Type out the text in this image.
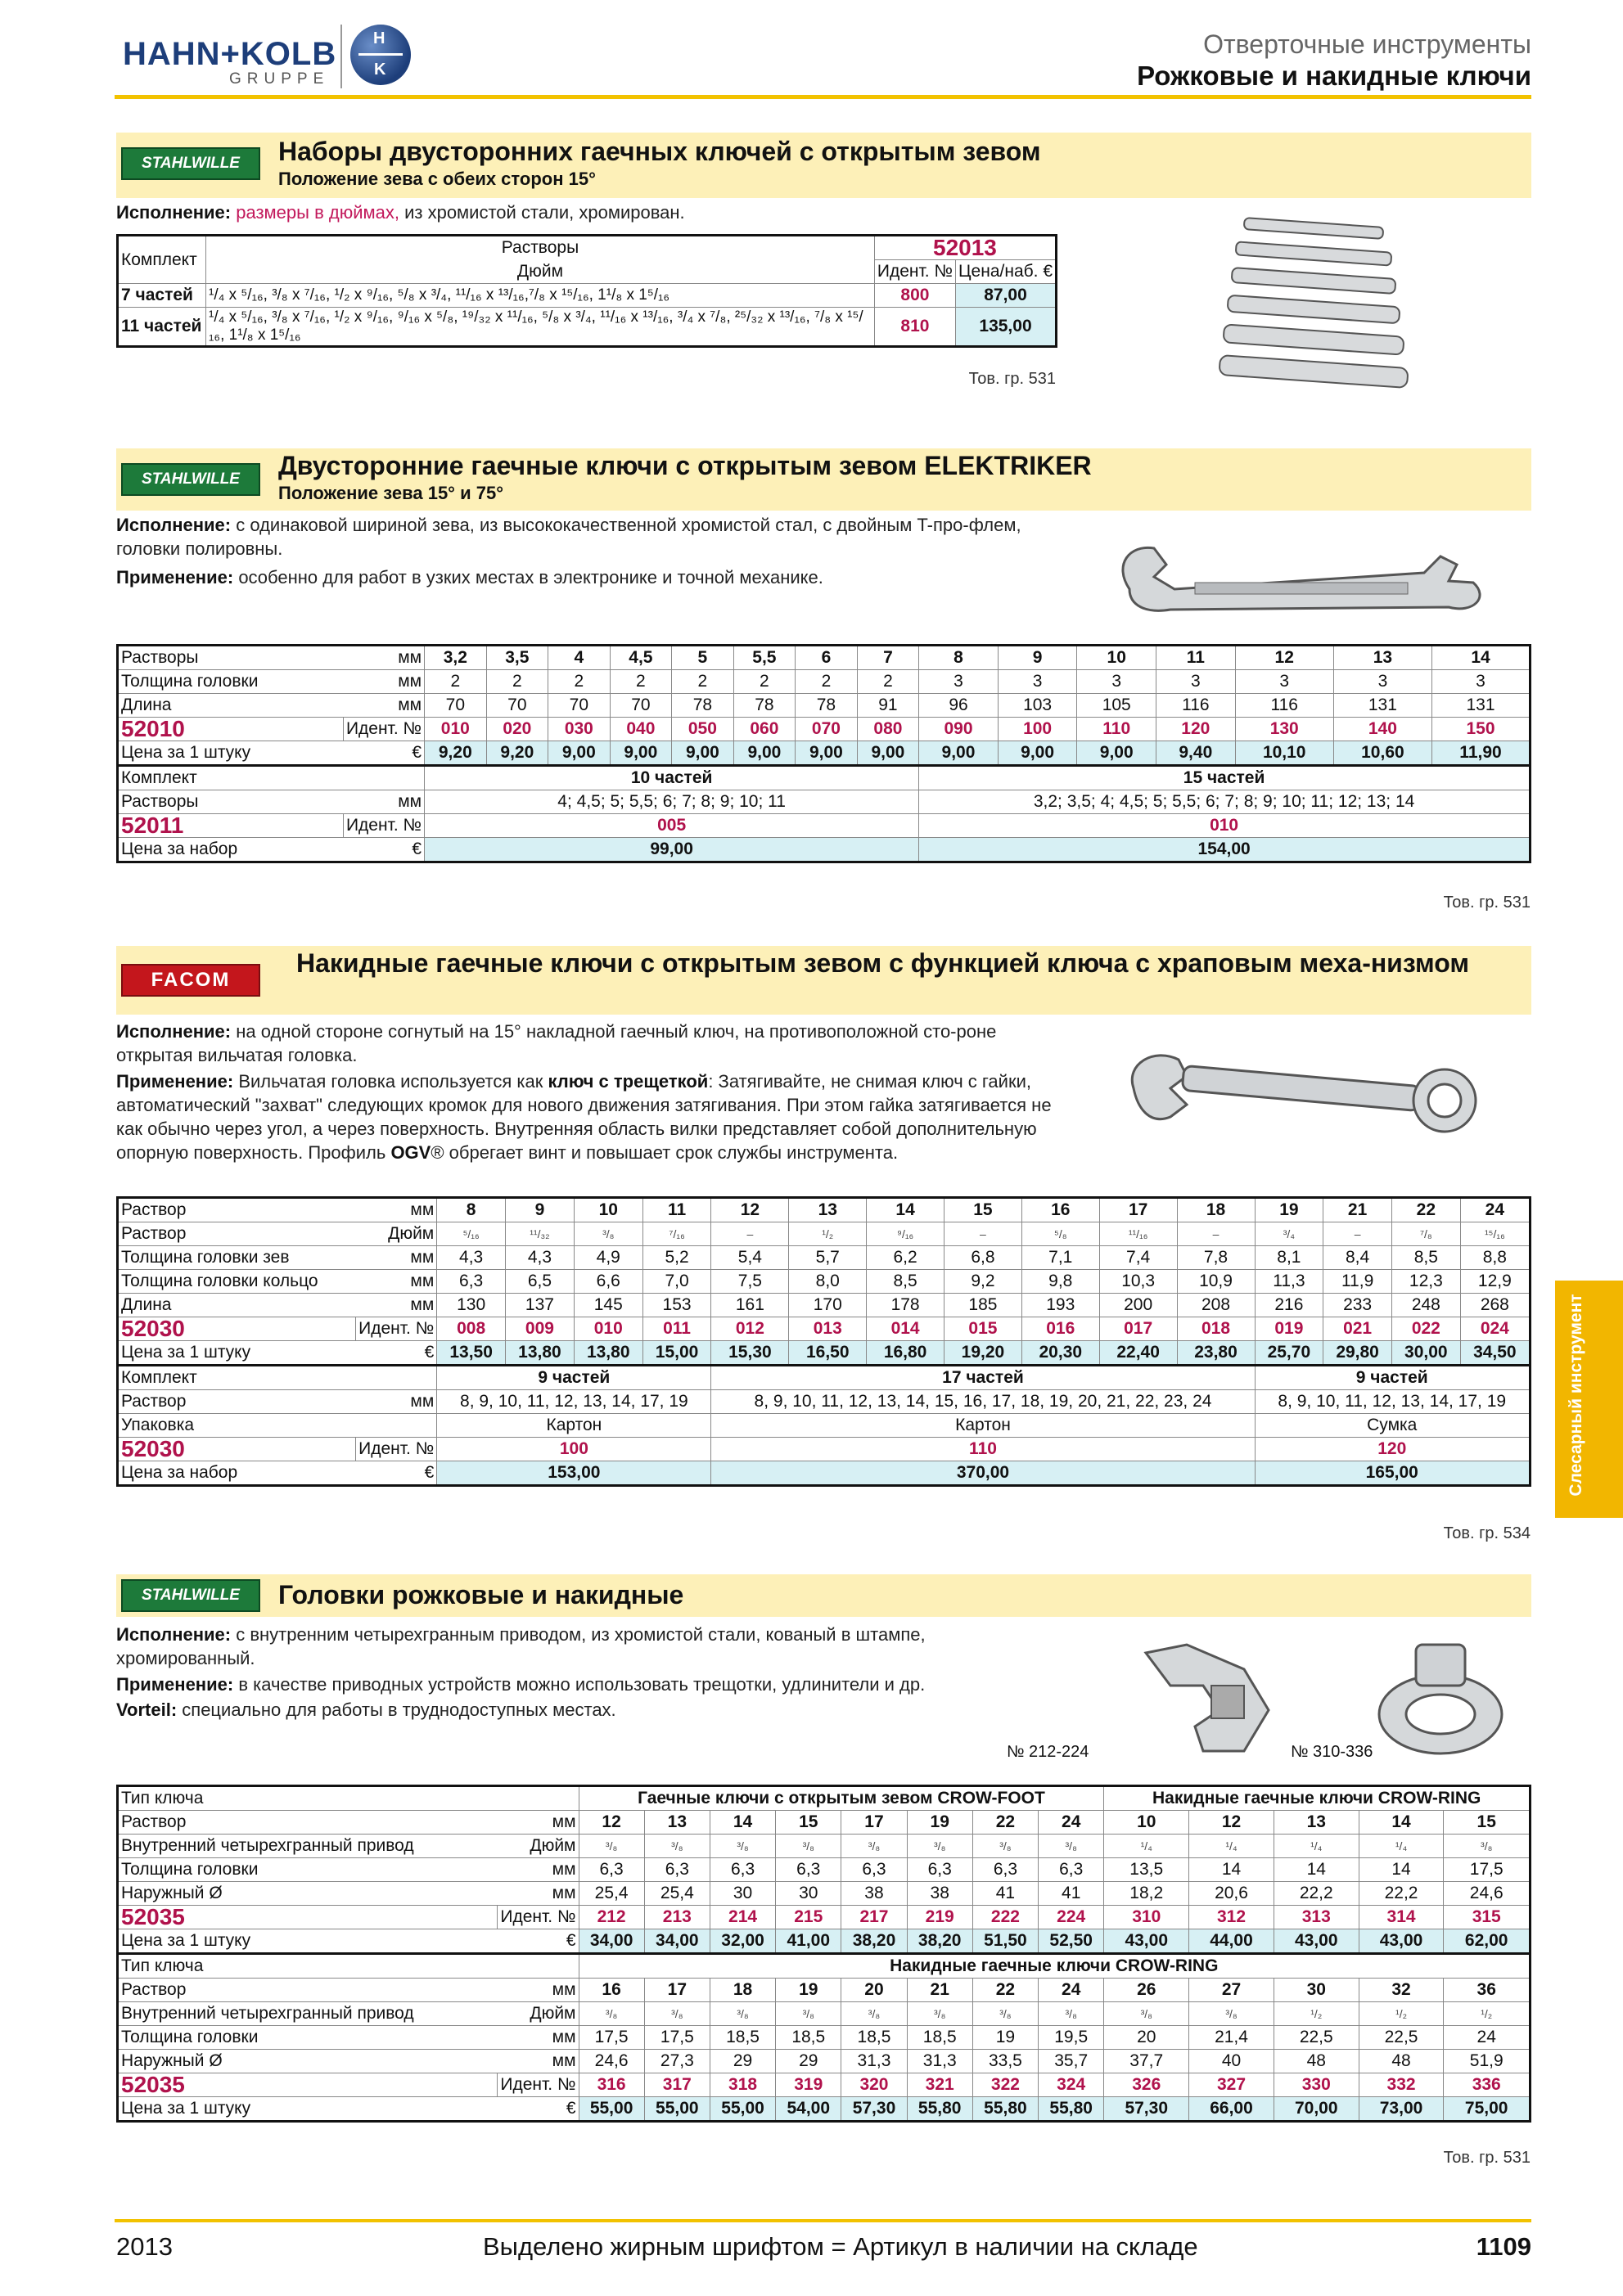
HAHN+KOLB
GRUPPE
H
K
Отверточные инструменты
Рожковые и накидные ключи
STAHLWILLE	Наборы двусторонних гаечных ключей с открытым зевом
Положение зева с обеих сторон 15°
Исполнение: размеры в дюймах, из хромистой стали, хромирован.
Комплект	Растворы	52013	
	Дюйм	Идент. №	Цена/наб. €
7 частей	¹/₄ x ⁵/₁₆, ³/₈ x ⁷/₁₆, ¹/₂ x ⁹/₁₆, ⁵/₈ x ³/₄, ¹¹/₁₆ x ¹³/₁₆,⁷/₈ x ¹⁵/₁₆, 1¹/₈ x 1⁵/₁₆	800	87,00
11 частей	¹/₄ x ⁵/₁₆, ³/₈ x ⁷/₁₆, ¹/₂ x ⁹/₁₆, ⁹/₁₆ x ⁵/₈, ¹⁹/₃₂ x ¹¹/₁₆, ⁵/₈ x ³/₄, ¹¹/₁₆ x ¹³/₁₆, ³/₄ x ⁷/₈, ²⁵/₃₂ x ¹³/₁₆, ⁷/₈ x ¹⁵/₁₆, 1¹/₈ x 1⁵/₁₆	810	135,00
Тов. гр. 531
STAHLWILLE	Двусторонние гаечные ключи с открытым зевом ELEKTRIKER
Положение зева 15° и 75°
Исполнение: с одинаковой шириной зева, из высококачественной хромистой стал, с двойным T-про-флем, головки полировны.
Применение: особенно для работ в узких местах в электронике и точной механике.
Растворы	мм	3,2	3,5	4	4,5	5	5,5	6	7	8	9	10	11	12	13	14
Толщина головки	мм	2	2	2	2	2	2	2	2	3	3	3	3	3	3	3
Длина	мм	70	70	70	70	78	78	78	91	96	103	105	116	116	131	131
52010	Идент. №	010	020	030	040	050	060	070	080	090	100	110	120	130	140	150
Цена за 1 штуку	€	9,20	9,20	9,00	9,00	9,00	9,00	9,00	9,00	9,00	9,00	9,00	9,40	10,10	10,60	11,90
Комплект		10 частей								15 частей						
Растворы	мм	4; 4,5; 5; 5,5; 6; 7; 8; 9; 10; 11								3,2; 3,5; 4; 4,5; 5; 5,5; 6; 7; 8; 9; 10; 11; 12; 13; 14						
52011	Идент. №	005								010						
Цена за набор	€	99,00								154,00						
Тов. гр. 531
FACOM
Накидные гаечные ключи с открытым зевом с функцией ключа с храповым меха-низмом
Исполнение: на одной стороне согнутый на 15° накладной гаечный ключ, на противоположной сто-роне открытая вильчатая головка.
Применение: Вильчатая головка используется как ключ с трещеткой: Затягивайте, не снимая ключ с гайки, автоматический "захват" следующих кромок для нового движения затягивания. При этом гайка затягивается не как обычно через угол, а через поверхность. Внутренняя область вилки представляет собой дополнительную опорную поверхность. Профиль OGV® обрегает винт и повышает срок службы инструмента.
Раствор	мм	8	9	10	11	12	13	14	15	16	17	18	19	21	22	24
Раствор	Дюйм	⁵/₁₆	¹¹/₃₂	³/₈	⁷/₁₆	–	¹/₂	⁹/₁₆	–	⁵/₈	¹¹/₁₆	–	³/₄	–	⁷/₈	¹⁵/₁₆
Толщина головки зев	мм	4,3	4,3	4,9	5,2	5,4	5,7	6,2	6,8	7,1	7,4	7,8	8,1	8,4	8,5	8,8
Толщина головки кольцо	мм	6,3	6,5	6,6	7,0	7,5	8,0	8,5	9,2	9,8	10,3	10,9	11,3	11,9	12,3	12,9
Длина	мм	130	137	145	153	161	170	178	185	193	200	208	216	233	248	268
52030	Идент. №	008	009	010	011	012	013	014	015	016	017	018	019	021	022	024
Цена за 1 штуку	€	13,50	13,80	13,80	15,00	15,30	16,50	16,80	19,20	20,30	22,40	23,80	25,70	29,80	30,00	34,50
Комплект		9 частей				17 частей							9 частей			
Раствор	мм	8, 9, 10, 11, 12, 13, 14, 17, 19				8, 9, 10, 11, 12, 13, 14, 15, 16, 17, 18, 19, 20, 21, 22, 23, 24							8, 9, 10, 11, 12, 13, 14, 17, 19			
Упаковка		Картон				Картон							Сумка			
52030	Идент. №	100				110							120			
Цена за набор	€	153,00				370,00							165,00			
Тов. гр. 534
Слесарный инструмент
STAHLWILLE	Головки рожковые и накидные
Исполнение: с внутренним четырехгранным приводом, из хромистой стали, кованый в штампе, хромированный.
Применение: в качестве приводных устройств можно использовать трещотки, удлинители и др.
Vorteil: специально для работы в труднодоступных местах.
№ 212-224	№ 310-336
Тип ключа		Гаечные ключи с открытым зевом CROW-FOOT								Накидные гаечные ключи CROW-RING				
Раствор	мм	12	13	14	15	17	19	22	24	10	12	13	14	15
Внутренний четырехгранный привод	Дюйм	³/₈	³/₈	³/₈	³/₈	³/₈	³/₈	³/₈	³/₈	¹/₄	¹/₄	¹/₄	¹/₄	³/₈
Толщина головки	мм	6,3	6,3	6,3	6,3	6,3	6,3	6,3	6,3	13,5	14	14	14	17,5
Наружный Ø	мм	25,4	25,4	30	30	38	38	41	41	18,2	20,6	22,2	22,2	24,6
52035	Идент. №	212	213	214	215	217	219	222	224	310	312	313	314	315
Цена за 1 штуку	€	34,00	34,00	32,00	41,00	38,20	38,20	51,50	52,50	43,00	44,00	43,00	43,00	62,00
Тип ключа		Накидные гаечные ключи CROW-RING												
Раствор	мм	16	17	18	19	20	21	22	24	26	27	30	32	36
Внутренний четырехгранный привод	Дюйм	³/₈	³/₈	³/₈	³/₈	³/₈	³/₈	³/₈	³/₈	³/₈	³/₈	¹/₂	¹/₂	¹/₂
Толщина головки	мм	17,5	17,5	18,5	18,5	18,5	18,5	19	19,5	20	21,4	22,5	22,5	24
Наружный Ø	мм	24,6	27,3	29	29	31,3	31,3	33,5	35,7	37,7	40	48	48	51,9
52035	Идент. №	316	317	318	319	320	321	322	324	326	327	330	332	336
Цена за 1 штуку	€	55,00	55,00	55,00	54,00	57,30	55,80	55,80	55,80	57,30	66,00	70,00	73,00	75,00
Тов. гр. 531
2013	Выделено жирным шрифтом = Артикул в наличии на складе	1109
